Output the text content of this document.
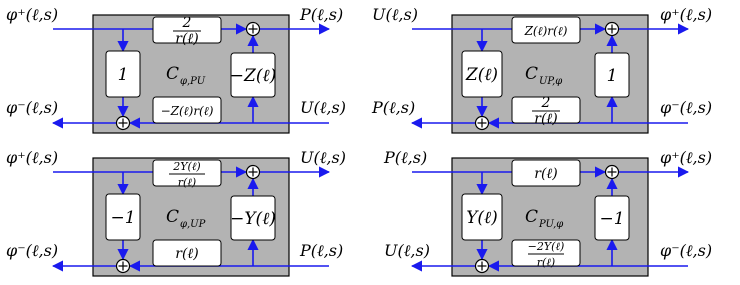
2
r(ℓ)
−Z(ℓ)r(ℓ)
1	−Z(ℓ)
C φ,PU
φ⁺(ℓ,s)	P(ℓ,s)
φ⁻(ℓ,s)	U(ℓ,s)
Z(ℓ)r(ℓ)
2
r(ℓ)
Z(ℓ)	1
C UP,φ
U(ℓ,s)	φ⁺(ℓ,s)
P(ℓ,s)	φ⁻(ℓ,s)
2Y(ℓ)
r(ℓ)
r(ℓ)
−1	−Y(ℓ)
C φ,UP
φ⁺(ℓ,s)	U(ℓ,s)
φ⁻(ℓ,s)	P(ℓ,s)
r(ℓ)
−2Y(ℓ)
r(ℓ)
Y(ℓ)	−1
C PU,φ
P(ℓ,s)	φ⁺(ℓ,s)
U(ℓ,s)	φ⁻(ℓ,s)
